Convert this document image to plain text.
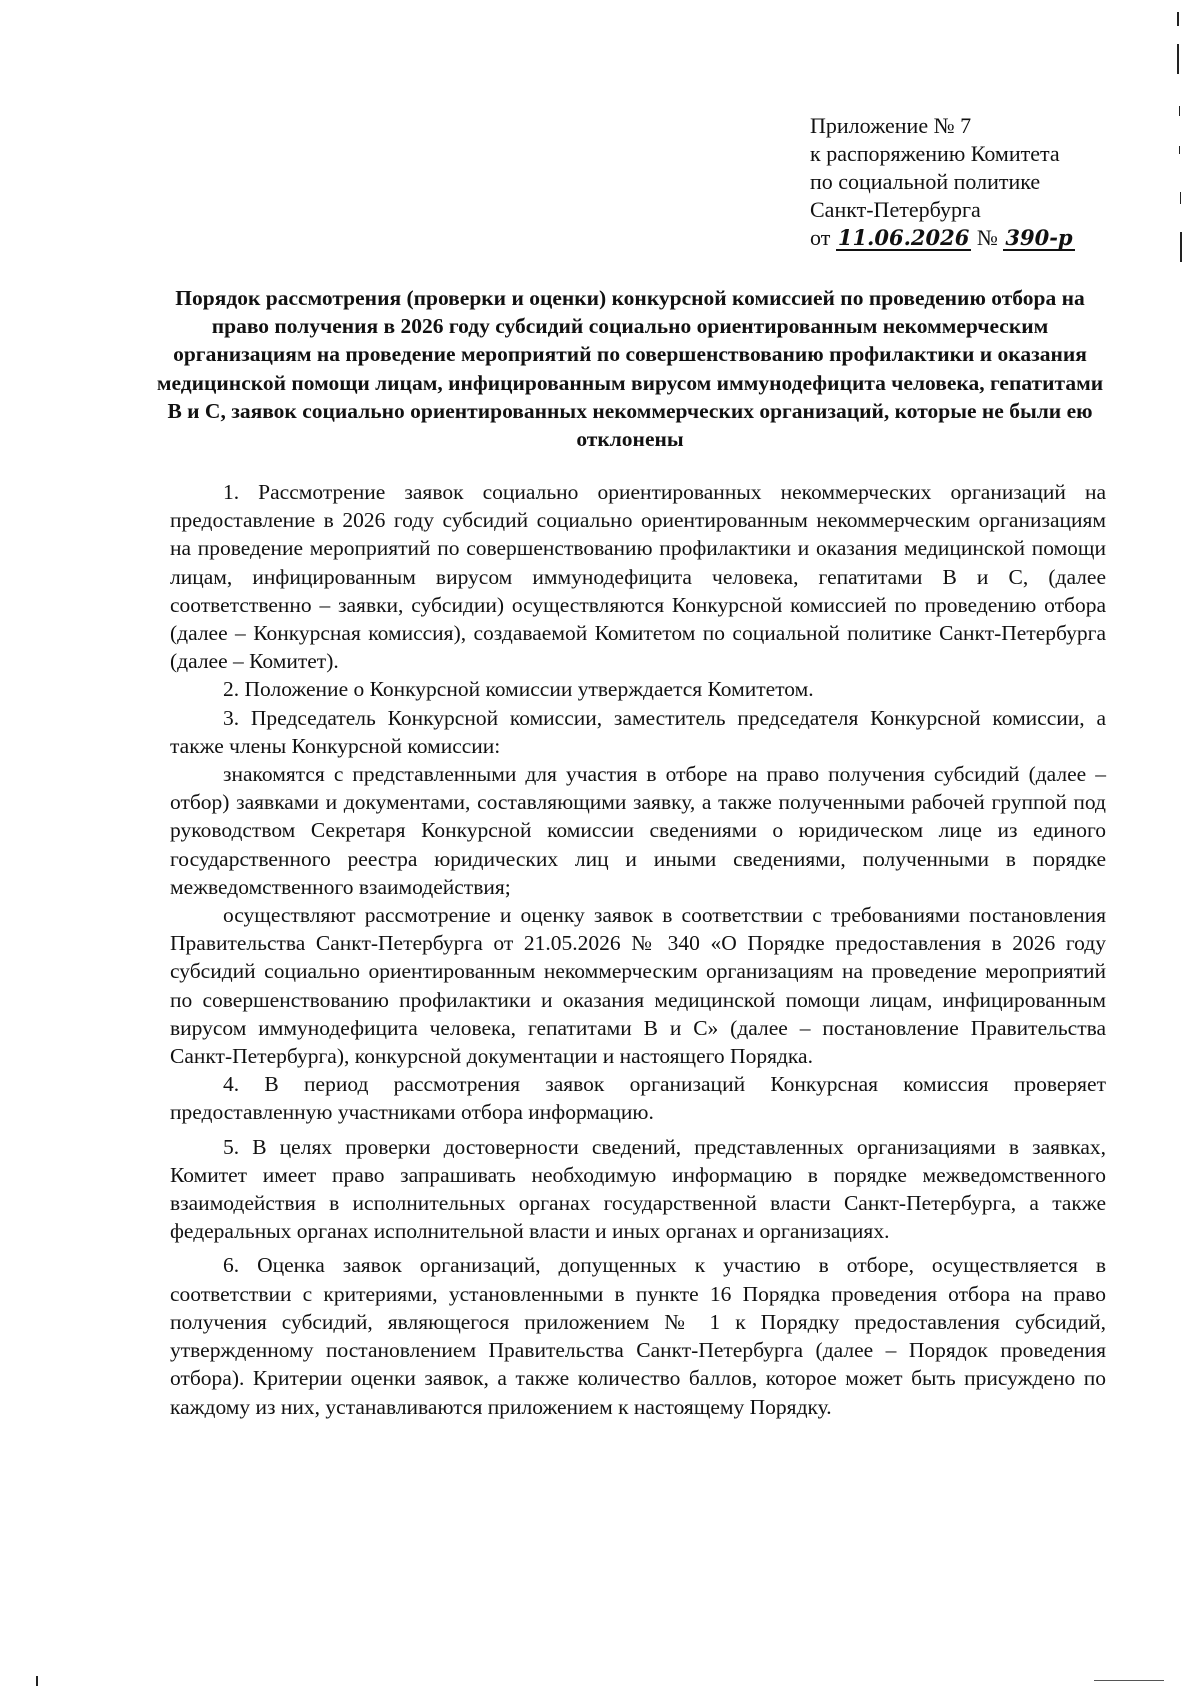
Приложение № 7
к распоряжению Комитета
по социальной политике
Санкт-Петербурга
от 11.06.2026 № 390-р
Порядок рассмотрения (проверки и оценки) конкурсной комиссией по проведению отбора на право получения в 2026 году субсидий социально ориентированным некоммерческим организациям на проведение мероприятий по совершенствованию профилактики и оказания медицинской помощи лицам, инфицированным вирусом иммунодефицита человека, гепатитами В и С, заявок социально ориентированных некоммерческих организаций, которые не были ею отклонены

1. Рассмотрение заявок социально ориентированных некоммерческих организаций на предоставление в 2026 году субсидий социально ориентированным некоммерческим организациям на проведение мероприятий по совершенствованию профилактики и оказания медицинской помощи лицам, инфицированным вирусом иммунодефицита человека, гепатитами В и С, (далее соответственно – заявки, субсидии) осуществляются Конкурсной комиссией по проведению отбора (далее – Конкурсная комиссия), создаваемой Комитетом по социальной политике Санкт-Петербурга (далее – Комитет).

2. Положение о Конкурсной комиссии утверждается Комитетом.

3. Председатель Конкурсной комиссии, заместитель председателя Конкурсной комиссии, а также члены Конкурсной комиссии:

знакомятся с представленными для участия в отборе на право получения субсидий (далее – отбор) заявками и документами, составляющими заявку, а также полученными рабочей группой под руководством Секретаря Конкурсной комиссии сведениями о юридическом лице из единого государственного реестра юридических лиц и иными сведениями, полученными в порядке межведомственного взаимодействия;

осуществляют рассмотрение и оценку заявок в соответствии с требованиями постановления Правительства Санкт-Петербурга от 21.05.2026 № 340 «О Порядке предоставления в 2026 году субсидий социально ориентированным некоммерческим организациям на проведение мероприятий по совершенствованию профилактики и оказания медицинской помощи лицам, инфицированным вирусом иммунодефицита человека, гепатитами В и С» (далее – постановление Правительства Санкт-Петербурга), конкурсной документации и настоящего Порядка.

4. В период рассмотрения заявок организаций Конкурсная комиссия проверяет предоставленную участниками отбора информацию.

5. В целях проверки достоверности сведений, представленных организациями в заявках, Комитет имеет право запрашивать необходимую информацию в порядке межведомственного взаимодействия в исполнительных органах государственной власти Санкт-Петербурга, а также федеральных органах исполнительной власти и иных органах и организациях.

6. Оценка заявок организаций, допущенных к участию в отборе, осуществляется в соответствии с критериями, установленными в пункте 16 Порядка проведения отбора на право получения субсидий, являющегося приложением № 1 к Порядку предоставления субсидий, утвержденному постановлением Правительства Санкт-Петербурга (далее – Порядок проведения отбора). Критерии оценки заявок, а также количество баллов, которое может быть присуждено по каждому из них, устанавливаются приложением к настоящему Порядку.
